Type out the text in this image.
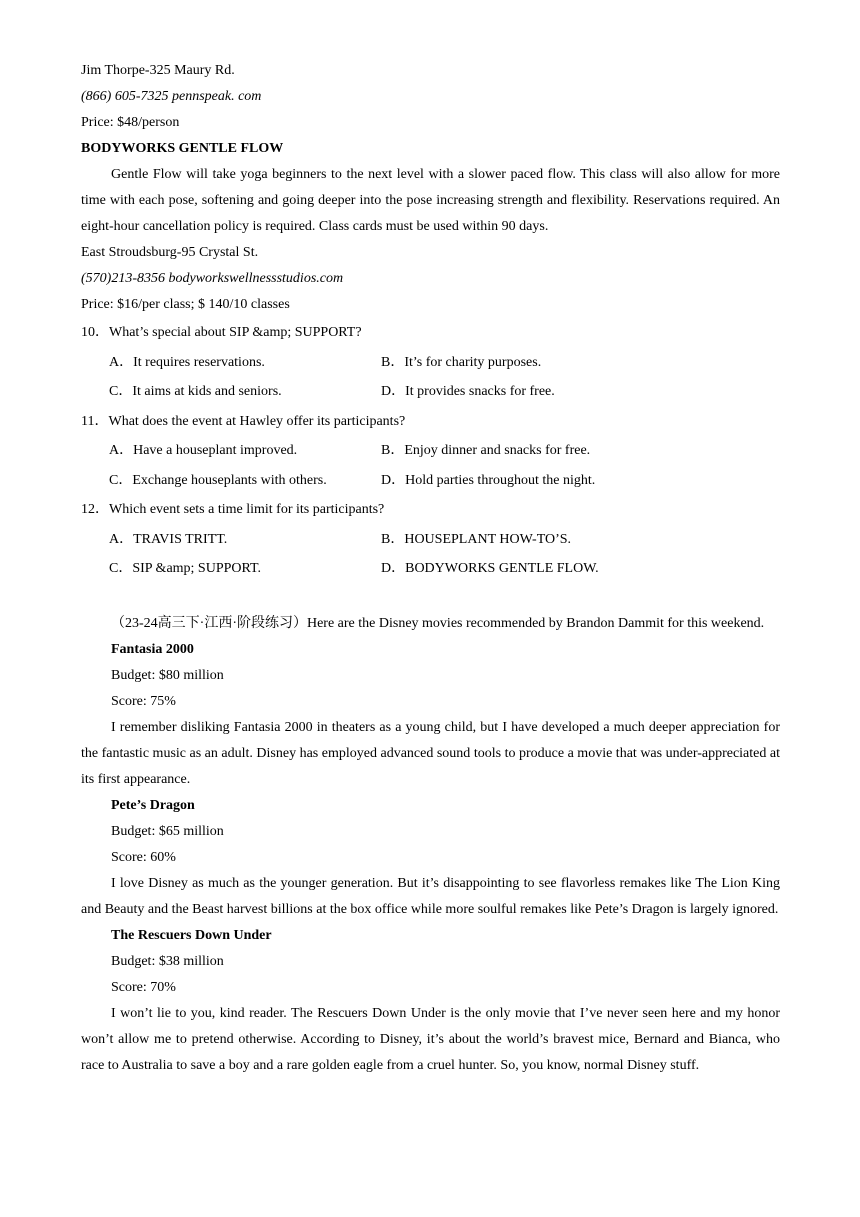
Jim Thorpe-325 Maury Rd.
(866) 605-7325 pennspeak. com
Price: $48/person
BODYWORKS GENTLE FLOW
Gentle Flow will take yoga beginners to the next level with a slower paced flow. This class will also allow for more time with each pose, softening and going deeper into the pose increasing strength and flexibility. Reservations required. An eight-hour cancellation policy is required. Class cards must be used within 90 days.
East Stroudsburg-95 Crystal St.
(570)213-8356 bodyworkswellnessstudios.com
Price: $16/per class; $ 140/10 classes
10．What’s special about SIP &amp; SUPPORT?
A．It requires reservations.	B．It’s for charity purposes.
C．It aims at kids and seniors.	D．It provides snacks for free.
11．What does the event at Hawley offer its participants?
A．Have a houseplant improved.	B．Enjoy dinner and snacks for free.
C．Exchange houseplants with others.	D．Hold parties throughout the night.
12．Which event sets a time limit for its participants?
A．TRAVIS TRITT.	B．HOUSEPLANT HOW-TO’S.
C．SIP &amp; SUPPORT.	D．BODYWORKS GENTLE FLOW.
（23-24高三下·江西·阶段练习）Here are the Disney movies recommended by Brandon Dammit for this weekend.
Fantasia 2000
Budget: $80 million
Score: 75%
I remember disliking Fantasia 2000 in theaters as a young child, but I have developed a much deeper appreciation for the fantastic music as an adult. Disney has employed advanced sound tools to produce a movie that was under-appreciated at its first appearance.
Pete’s Dragon
Budget: $65 million
Score: 60%
I love Disney as much as the younger generation. But it’s disappointing to see flavorless remakes like The Lion King and Beauty and the Beast harvest billions at the box office while more soulful remakes like Pete’s Dragon is largely ignored.
The Rescuers Down Under
Budget: $38 million
Score: 70%
I won’t lie to you, kind reader. The Rescuers Down Under is the only movie that I’ve never seen here and my honor won’t allow me to pretend otherwise. According to Disney, it’s about the world’s bravest mice, Bernard and Bianca, who race to Australia to save a boy and a rare golden eagle from a cruel hunter. So, you know, normal Disney stuff.
